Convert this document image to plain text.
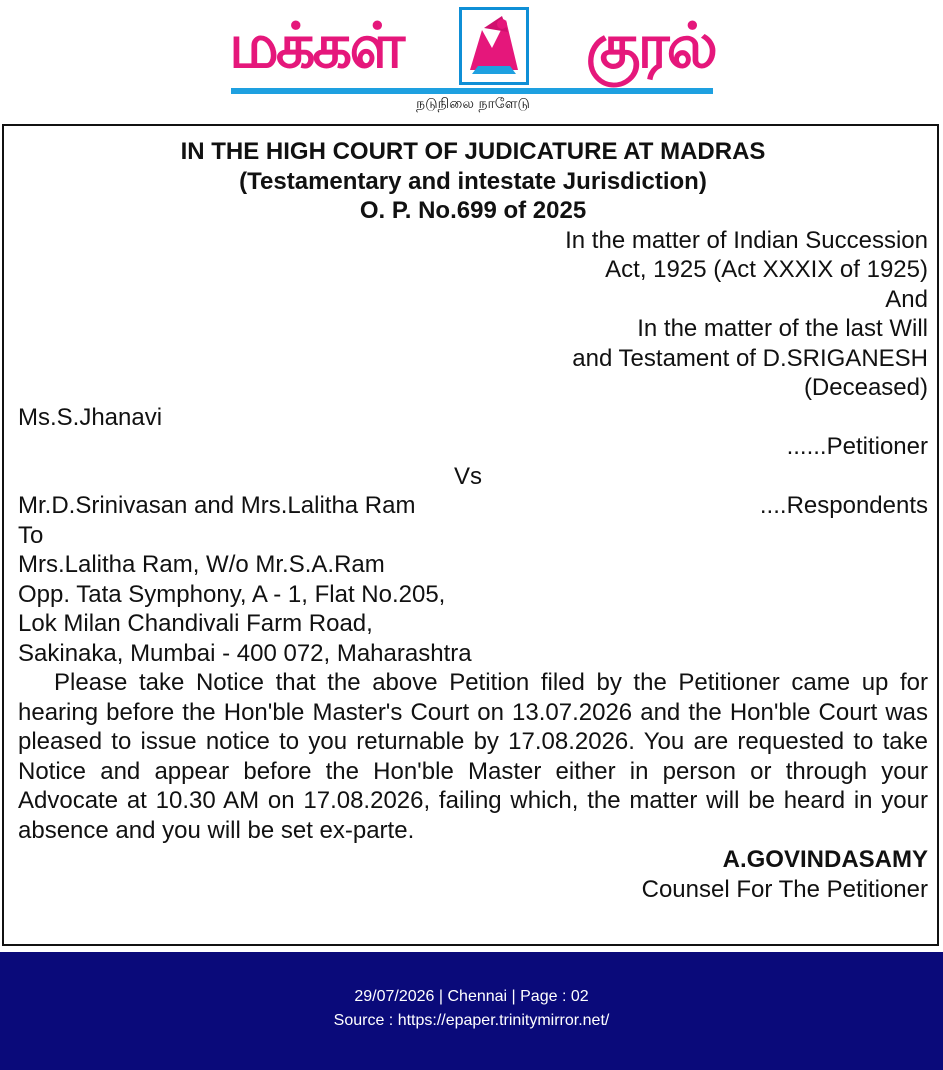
மக்கள்	குரல்
நடுநிலை நாளேடு
IN THE HIGH COURT OF JUDICATURE AT MADRAS
(Testamentary and intestate Jurisdiction)
O. P. No.699 of 2025
In the matter of Indian Succession
Act, 1925 (Act XXXIX of 1925)
And
In the matter of the last Will
and Testament of D.SRIGANESH
(Deceased)
Ms.S.Jhanavi
......Petitioner
Vs
Mr.D.Srinivasan and Mrs.Lalitha Ram	....Respondents
To
Mrs.Lalitha Ram, W/o Mr.S.A.Ram
Opp. Tata Symphony, A - 1, Flat No.205,
Lok Milan Chandivali Farm Road,
Sakinaka, Mumbai - 400 072, Maharashtra
Please take Notice that the above Petition filed by the Petitioner came up for hearing before the Hon'ble Master's Court on 13.07.2026 and the Hon'ble Court was pleased to issue notice to you returnable by 17.08.2026. You are requested to take Notice and appear before the Hon'ble Master either in person or through your Advocate at 10.30 AM on 17.08.2026, failing which, the matter will be heard in your absence and you will be set ex-parte.
A.GOVINDASAMY
Counsel For The Petitioner
29/07/2026 | Chennai | Page : 02
Source : https://epaper.trinitymirror.net/
